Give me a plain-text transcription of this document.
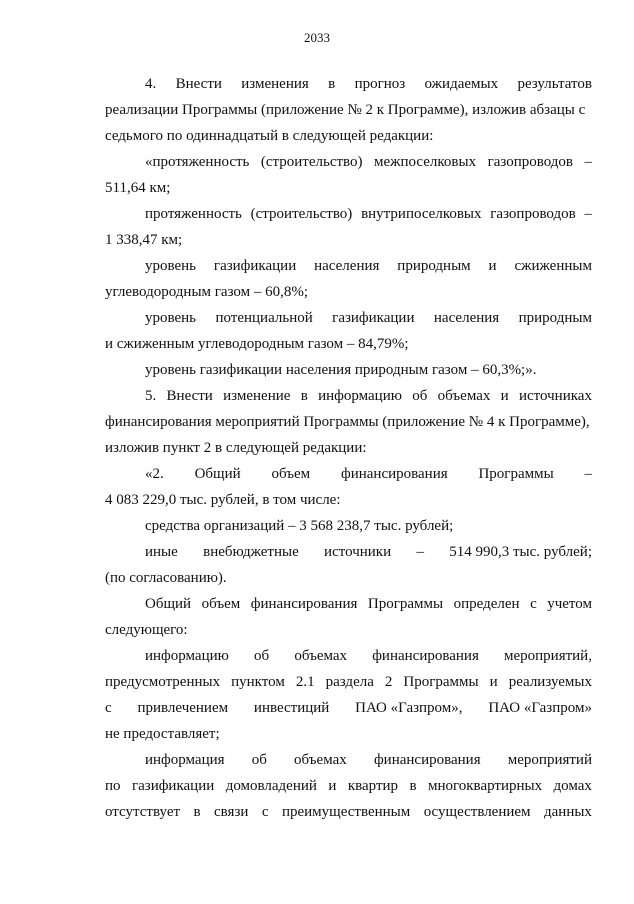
2033
4. Внести изменения в прогноз ожидаемых результатов

реализации Программы (приложение № 2 к Программе), изложив абзацы с

седьмого по одиннадцатый в следующей редакции:

«протяженность (строительство) межпоселковых газопроводов –

511,64 км;

протяженность (строительство) внутрипоселковых газопроводов –

1 338,47 км;

уровень газификации населения природным и сжиженным

углеводородным газом – 60,8%;

уровень потенциальной газификации населения природным

и сжиженным углеводородным газом – 84,79%;

уровень газификации населения природным газом – 60,3%;».

5. Внести изменение в информацию об объемах и источниках

финансирования мероприятий Программы (приложение № 4 к Программе),

изложив пункт 2 в следующей редакции:

«2. Общий объем финансирования Программы –

4 083 229,0 тыс. рублей, в том числе:

средства организаций – 3 568 238,7 тыс. рублей;

иные внебюджетные источники – 514 990,3 тыс. рублей;

(по согласованию).

Общий объем финансирования Программы определен с учетом

следующего:

информацию об объемах финансирования мероприятий,
предусмотренных пунктом 2.1 раздела 2 Программы и реализуемых
с привлечением инвестиций ПАО «Газпром», ПАО «Газпром»

не предоставляет;

информация об объемах финансирования мероприятий
по газификации домовладений и квартир в многоквартирных домах
отсутствует в связи с преимущественным осуществлением данных
